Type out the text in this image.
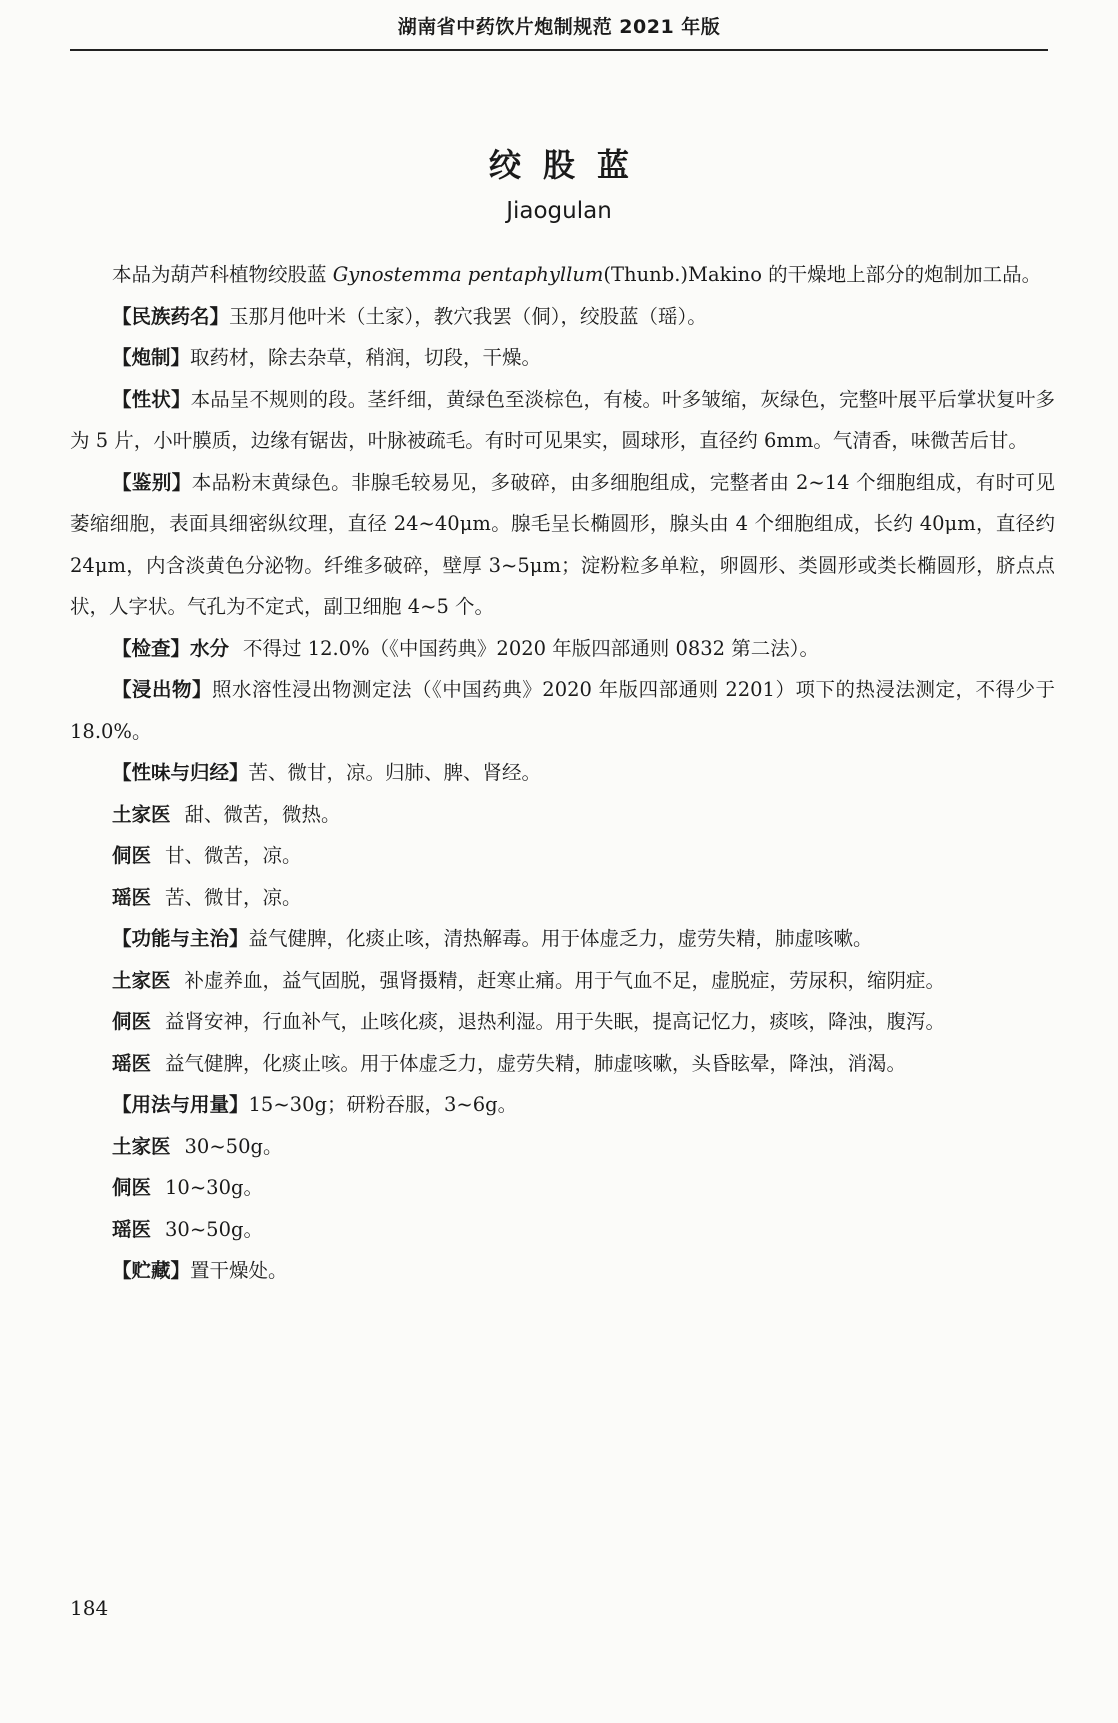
湖南省中药饮片炮制规范 2021 年版
绞股蓝
Jiaogulan

本品为葫芦科植物绞股蓝 Gynostemma pentaphyllum(Thunb.)Makino 的干燥地上部分的炮制加工品。

【民族药名】玉那月他叶米（土家），教穴我罢（侗），绞股蓝（瑶）。

【炮制】取药材，除去杂草，稍润，切段，干燥。

【性状】本品呈不规则的段。茎纤细，黄绿色至淡棕色，有棱。叶多皱缩，灰绿色，完整叶展平后掌状复叶多为 5 片，小叶膜质，边缘有锯齿，叶脉被疏毛。有时可见果实，圆球形，直径约 6mm。气清香，味微苦后甘。

【鉴别】本品粉末黄绿色。非腺毛较易见，多破碎，由多细胞组成，完整者由 2~14 个细胞组成，有时可见萎缩细胞，表面具细密纵纹理，直径 24~40μm。腺毛呈长椭圆形，腺头由 4 个细胞组成，长约 40μm，直径约 24μm，内含淡黄色分泌物。纤维多破碎，壁厚 3~5μm；淀粉粒多单粒，卵圆形、类圆形或类长椭圆形，脐点点状，人字状。气孔为不定式，副卫细胞 4~5 个。

【检查】水分 不得过 12.0%（《中国药典》2020 年版四部通则 0832 第二法）。

【浸出物】照水溶性浸出物测定法（《中国药典》2020 年版四部通则 2201）项下的热浸法测定，不得少于 18.0%。

【性味与归经】苦、微甘，凉。归肺、脾、肾经。

土家医 甜、微苦，微热。

侗医 甘、微苦，凉。

瑶医 苦、微甘，凉。

【功能与主治】益气健脾，化痰止咳，清热解毒。用于体虚乏力，虚劳失精，肺虚咳嗽。

土家医 补虚养血，益气固脱，强肾摄精，赶寒止痛。用于气血不足，虚脱症，劳尿积，缩阴症。

侗医 益肾安神，行血补气，止咳化痰，退热利湿。用于失眠，提高记忆力，痰咳，降浊，腹泻。

瑶医 益气健脾，化痰止咳。用于体虚乏力，虚劳失精，肺虚咳嗽，头昏眩晕，降浊，消渴。

【用法与用量】15~30g；研粉吞服，3~6g。

土家医 30~50g。

侗医 10~30g。

瑶医 30~50g。

【贮藏】置干燥处。

184
